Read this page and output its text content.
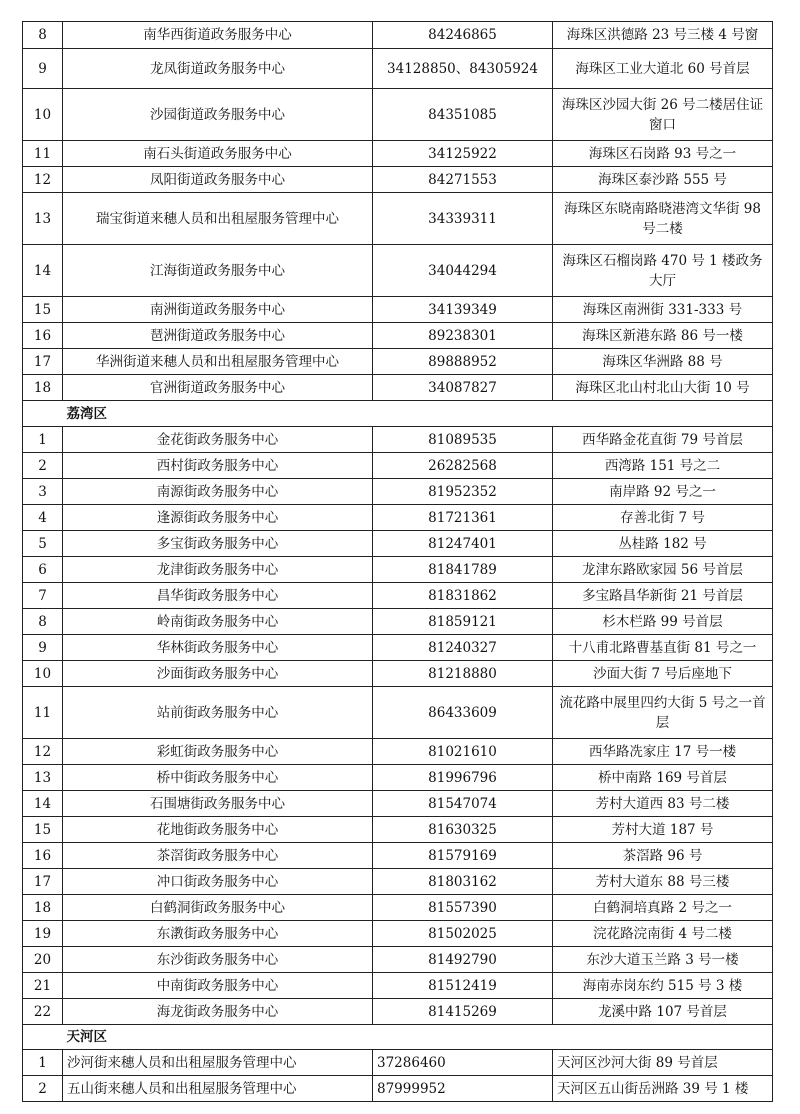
8	南华西街道政务服务中心	84246865	海珠区洪德路 23 号三楼 4 号窗
9	龙凤街道政务服务中心	34128850、84305924	海珠区工业大道北 60 号首层
10	沙园街道政务服务中心	84351085	海珠区沙园大街 26 号二楼居住证窗口
11	南石头街道政务服务中心	34125922	海珠区石岗路 93 号之一
12	凤阳街道政务服务中心	84271553	海珠区泰沙路 555 号
13	瑞宝街道来穗人员和出租屋服务管理中心	34339311	海珠区东晓南路晓港湾文华街 98 号二楼
14	江海街道政务服务中心	34044294	海珠区石榴岗路 470 号 1 楼政务大厅
15	南洲街道政务服务中心	34139349	海珠区南洲街 331-333 号
16	琶洲街道政务服务中心	89238301	海珠区新港东路 86 号一楼
17	华洲街道来穗人员和出租屋服务管理中心	89888952	海珠区华洲路 88 号
18	官洲街道政务服务中心	34087827	海珠区北山村北山大街 10 号
	荔湾区		
1	金花街政务服务中心	81089535	西华路金花直街 79 号首层
2	西村街政务服务中心	26282568	西湾路 151 号之二
3	南源街政务服务中心	81952352	南岸路 92 号之一
4	逢源街政务服务中心	81721361	存善北街 7 号
5	多宝街政务服务中心	81247401	丛桂路 182 号
6	龙津街政务服务中心	81841789	龙津东路欧家园 56 号首层
7	昌华街政务服务中心	81831862	多宝路昌华新街 21 号首层
8	岭南街政务服务中心	81859121	杉木栏路 99 号首层
9	华林街政务服务中心	81240327	十八甫北路曹基直街 81 号之一
10	沙面街政务服务中心	81218880	沙面大街 7 号后座地下
11	站前街政务服务中心	86433609	流花路中展里四约大街 5 号之一首层
12	彩虹街政务服务中心	81021610	西华路冼家庄 17 号一楼
13	桥中街政务服务中心	81996796	桥中南路 169 号首层
14	石围塘街政务服务中心	81547074	芳村大道西 83 号二楼
15	花地街政务服务中心	81630325	芳村大道 187 号
16	茶滘街政务服务中心	81579169	茶滘路 96 号
17	冲口街政务服务中心	81803162	芳村大道东 88 号三楼
18	白鹤洞街政务服务中心	81557390	白鹤洞培真路 2 号之一
19	东漖街政务服务中心	81502025	浣花路浣南街 4 号二楼
20	东沙街政务服务中心	81492790	东沙大道玉兰路 3 号一楼
21	中南街政务服务中心	81512419	海南赤岗东约 515 号 3 楼
22	海龙街政务服务中心	81415269	龙溪中路 107 号首层
	天河区		
1	沙河街来穗人员和出租屋服务管理中心	37286460	天河区沙河大街 89 号首层
2	五山街来穗人员和出租屋服务管理中心	87999952	天河区五山街岳洲路 39 号 1 楼
